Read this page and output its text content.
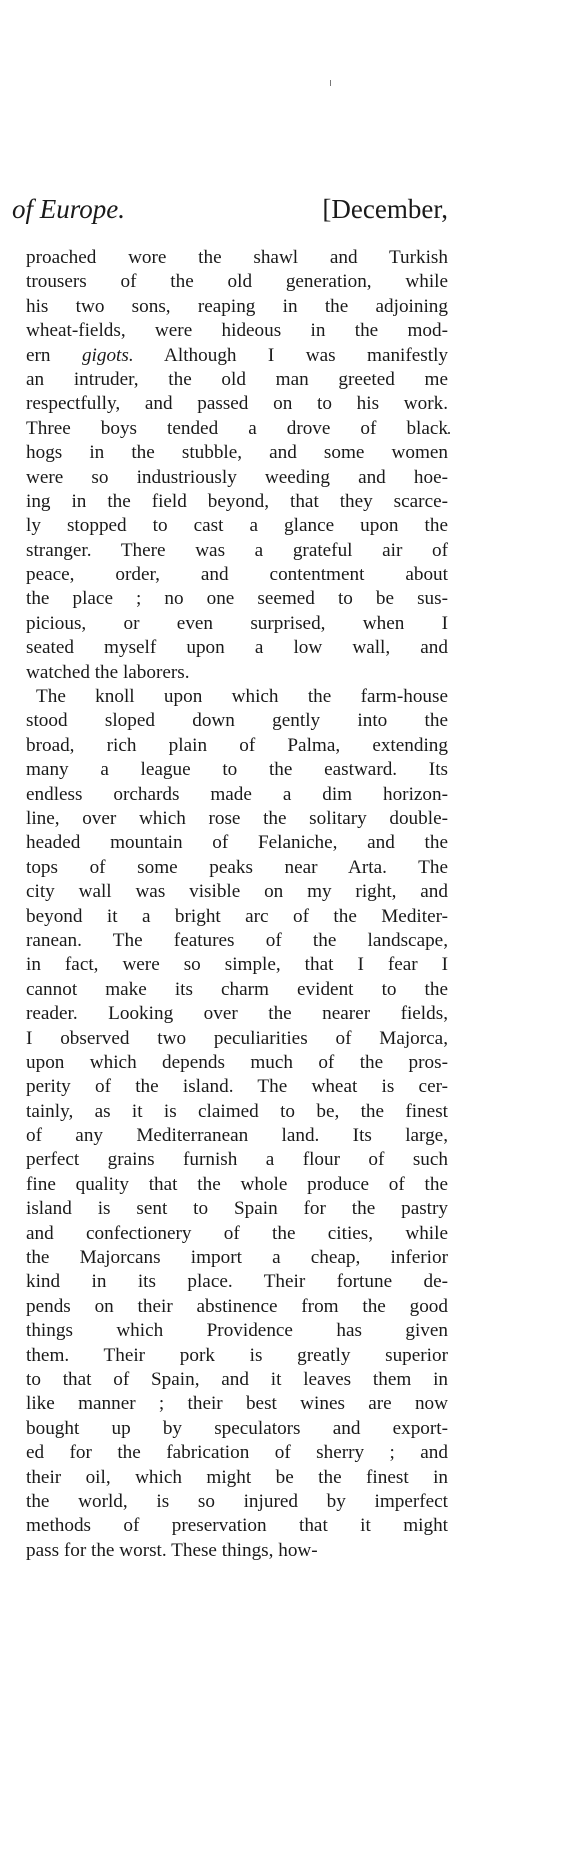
of Europe.	[December,
proached wore the shawl and Turkish
trousers of the old generation, while
his two sons, reaping in the adjoining
wheat-fields, were hideous in the mod-
ern gigots. Although I was manifestly
an intruder, the old man greeted me
respectfully, and passed on to his work.
Three boys tended a drove of black
hogs in the stubble, and some women
were so industriously weeding and hoe-
ing in the field beyond, that they scarce-
ly stopped to cast a glance upon the
stranger. There was a grateful air of
peace, order, and contentment about
the place ; no one seemed to be sus-
picious, or even surprised, when I
seated myself upon a low wall, and
watched the laborers.
The knoll upon which the farm-house
stood sloped down gently into the
broad, rich plain of Palma, extending
many a league to the eastward. Its
endless orchards made a dim horizon-
line, over which rose the solitary double-
headed mountain of Felaniche, and the
tops of some peaks near Arta. The
city wall was visible on my right, and
beyond it a bright arc of the Mediter-
ranean. The features of the landscape,
in fact, were so simple, that I fear I
cannot make its charm evident to the
reader. Looking over the nearer fields,
I observed two peculiarities of Majorca,
upon which depends much of the pros-
perity of the island. The wheat is cer-
tainly, as it is claimed to be, the finest
of any Mediterranean land. Its large,
perfect grains furnish a flour of such
fine quality that the whole produce of the
island is sent to Spain for the pastry
and confectionery of the cities, while
the Majorcans import a cheap, inferior
kind in its place. Their fortune de-
pends on their abstinence from the good
things which Providence has given
them. Their pork is greatly superior
to that of Spain, and it leaves them in
like manner ; their best wines are now
bought up by speculators and export-
ed for the fabrication of sherry ; and
their oil, which might be the finest in
the world, is so injured by imperfect
methods of preservation that it might
pass for the worst. These things, how-
